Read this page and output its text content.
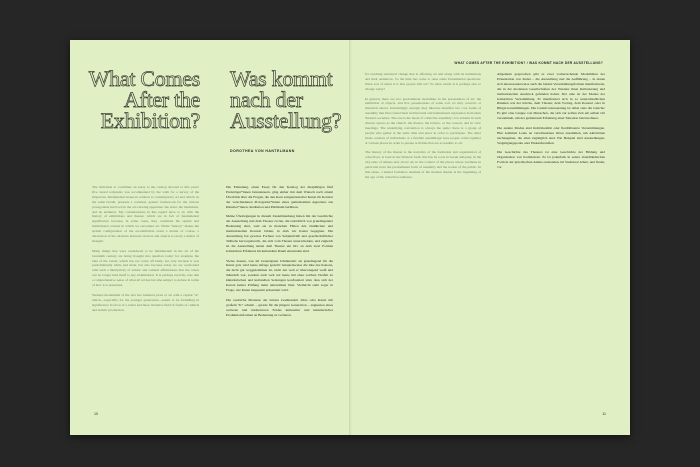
What Comes After the Exhibition?
Was kommt nach der Ausstellung?
DOROTHEA VON HANTELMANN

The invitation to contribute an essay to the catalog devoted to this year's five award recipients was accompanied by the wish for a survey of the important, fundamental issues in relation to contemporary art and which, in the same breath, presents a common, generic framework for the various protagonists involved in the art-viewing apparatus: the artist, the institution, and its audience. My considerations in this regard have to do with the history of exhibitions and theater, which are in fact of fundamental significance because, in some cases, they constitute the spatial and institutional context in which we encounter art. While "history" makes the spatial configuration of the art-exhibition event a matter of course, a discussion of the relations between viewers and objects is rarely a matter of thought.

Many things that were considered to be fundamental in the art of the twentieth century are being brought into question today: for example, the idea of the canon, which has not come off badly, not only because it was predominantly white and male, but also because today we are confronted with such a multiplicity of artistic and cultural affirmations that the canon can no longer lend itself to any examination. It is perhaps even the case that a comprehensive sense of what all art has become subject to debate in terms of how it is presented.

Western modernism of the last two hundred years or art with a capital "A" which—especially for the younger generation—seems to be dwindling in significance in favor of a wider and more inclusive field of forms of cultural and artistic production.

Die Einladung, einen Essay für den Katalog der diesjährigen fünf Preisträger*innen beizusteuern, ging einher mit dem Wunsch nach einem Überblick über die Fragen, die den Kern zeitgenössischer Kunst im Kontext der verschiedenen Protagonist*innen eines gemeinsamen Apparates aus Künstler*innen, Institution und Publikum berühren.

Meine Überlegungen in diesem Zusammenhang haben mit der Geschichte der Ausstellung und dem Theater zu tun, die tatsächlich von grundlegender Bedeutung sind, weil sie in manchen Fällen den räumlichen und institutionellen Kontext bilden, in dem wir Kunst begegnen. Die Ausstellung hat gewisse Formen von Subjektivität und gesellschaftlicher Teilhabe hervorgebracht, die sich vom Theater unterscheiden, und zugleich ist die Ausstellung neben dem Theater ein Ort, an dem zwei Formen kollektiven Erfahrens im kulturellen Raum entstanden sind.

Vieles dessen, was im zwanzigsten Jahrhundert als grundlegend für die Kunst galt, wird heute infrage gestellt: beispielsweise die Idee des Kanons, die nicht gut weggekommen ist, nicht nur weil er überwiegend weiß und männlich war, sondern auch weil wir heute mit einer solchen Vielfalt an künstlerischen und kulturellen Setzungen konfrontiert sind, dass sich der Kanon keiner Prüfung mehr unterziehen lässt. Vielleicht steht sogar in Frage, wie Kunst insgesamt präsentiert wird.

Die westliche Moderne der letzten zweihundert Jahre oder Kunst mit großem "K" scheint – gerade für die jüngere Generation – zugunsten eines weiteren und inklusiveren Feldes kultureller und künstlerischer Produktionsformen an Bedeutung zu verlieren.

10
WHAT COMES AFTER THE EXHIBITION? / WAS KOMMT NACH DER AUSSTELLUNG?

for reaching structural change that is affecting art and along with its institutions and their audiences. So the time has come to raise some fundamental questions: What sort of ritual is it that people still act? To what extent is it perhaps also to change today?

In general, there are two predominant modalities in the presentation of art: the exhibition of objects, and live presentations of some sort, be they concerts or theatrical shows. Interestingly enough, they likewise manifest two core forms of assembly that have found their architectural and institutional expression in modern Western societies. The one is the mode of collective assembly: it is evident in such diverse spaces as the church, the theater, the lecture, or the concert, and in civic meetings. The underlying convention is always the same: there is a group of people who gather at the same time and place in order to participate. The other mode consists of individuals or a flexible assemblage: here people come together at various places in order to pursue activities that are accessible to all.

The history of the theater is the narrative of the formation and organization of collectives, at least in the Western form; this has its roots in Greek antiquity, in the city-state of Athens and, above all, in the context of the places where Germans in particular have the predominant form of assembly and the notion of the public. In this sense, a shared formative moment of the modern theater is the beginning of the age of the collective audience.

Allgemein gesprochen gibt es zwei vorherrschende Modalitäten der Präsentation von Kunst – die Ausstellung und die Aufführung – in denen sich interessanterweise auch die beiden Versammlungsformen manifestieren, die in der modernen Gesellschaften des Westens ihren Kulturierung und institutionellen Ausdruck gefunden haben. Der eine ist der Modus der kollektiven Versammlung. Er manifestiert sich in so unterschiedlichen Räumen wie der Kirche, dem Theater, dem Vortrag, dem Konzert oder in Bürgerversammlungen. Die Grundvoraussetzung ist dabei stets die Gleiche: Es gibt eine Gruppe von Menschen, die sich zur selben Zeit am selben Ort versammelt, um der gemeinsam Erfahrung einer Situation beizuwohnen.

Die andere Modus sind Individualität oder flexibilisierte Versammlungen. Hier kommen Leute an verschiedenen Orten zusammen, um Aktivitäten nachzugehen, die allen zugänglich sind. Ein Beispiel sind Ausstellungen, Vergnügungsparks oder Einkaufsstraßen.

Die Geschichte des Theaters ist eine Geschichte der Bildung und Organisation von Kollektiven. Es ist jedenfalls in seiner abendländischen Form in der griechischen Antike entstanden, im Stadtstaat Athen, und findet, vor

11
